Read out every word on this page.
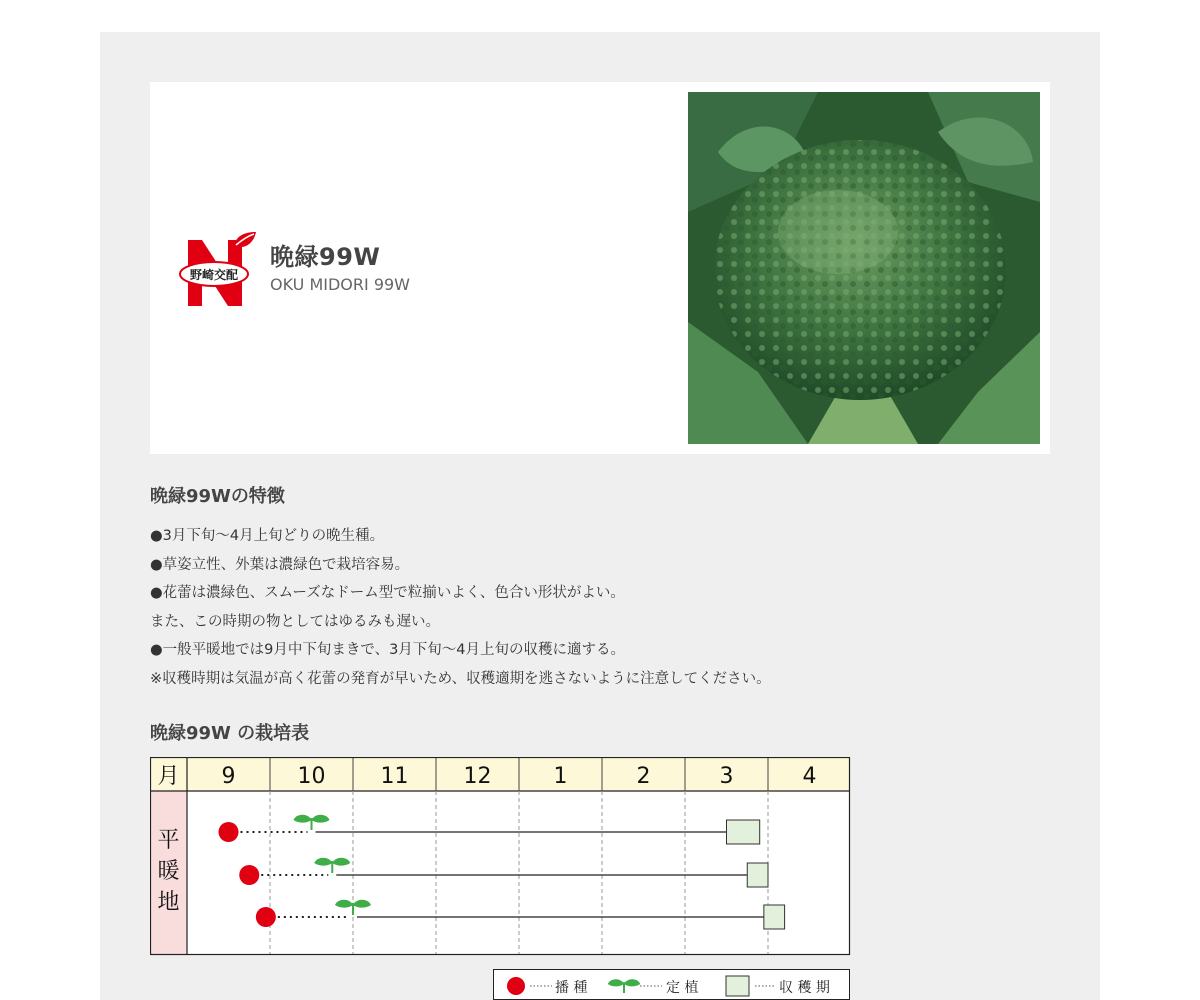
野崎交配
晩緑99W
OKU MIDORI 99W
晩緑99Wの特徴
●3月下旬〜4月上旬どりの晩生種。
●草姿立性、外葉は濃緑色で栽培容易。
●花蕾は濃緑色、スムーズなドーム型で粒揃いよく、色合い形状がよい。
また、この時期の物としてはゆるみも遅い。
●一般平暖地では9月中下旬まきで、3月下旬〜4月上旬の収穫に適する。
※収穫時期は気温が高く花蕾の発育が早いため、収穫適期を逃さないように注意してください。
晩緑99W の栽培表
月 9	10	11	12	1	2	3	4
平
暖
地
播 種	定 植	収 穫 期
